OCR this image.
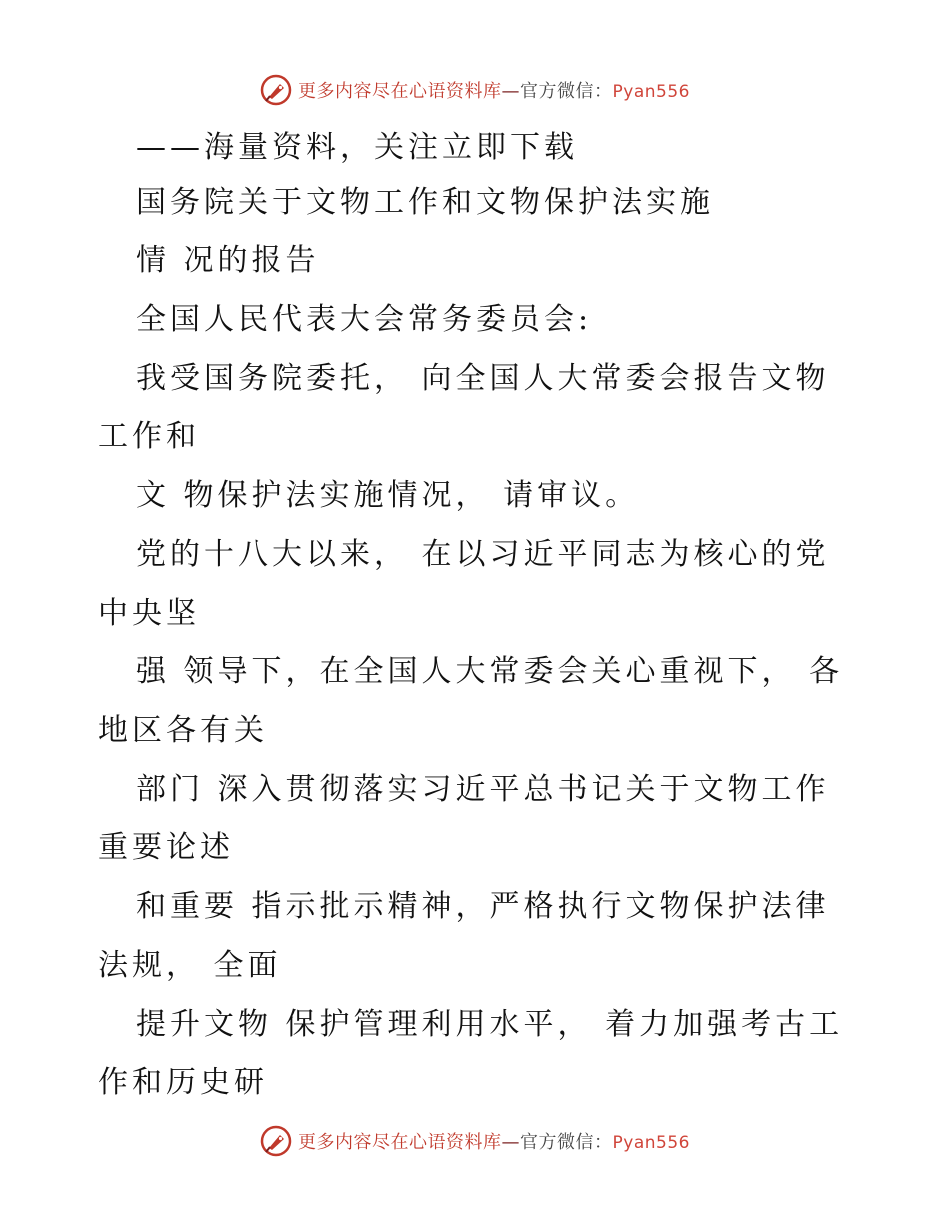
更多内容尽在心语资料库—官方微信：Pyan556
——海量资料，关注立即下载
国务院关于文物工作和文物保护法实施
情 况的报告
全国人民代表大会常务委员会:
我受国务院委托， 向全国人大常委会报告文物
工作和
文 物保护法实施情况， 请审议。
党的十八大以来， 在以习近平同志为核心的党
中央坚
强 领导下，在全国人大常委会关心重视下， 各
地区各有关
部门 深入贯彻落实习近平总书记关于文物工作
重要论述
和重要 指示批示精神，严格执行文物保护法律
法规， 全面
提升文物 保护管理利用水平， 着力加强考古工
作和历史研
更多内容尽在心语资料库—官方微信：Pyan556
